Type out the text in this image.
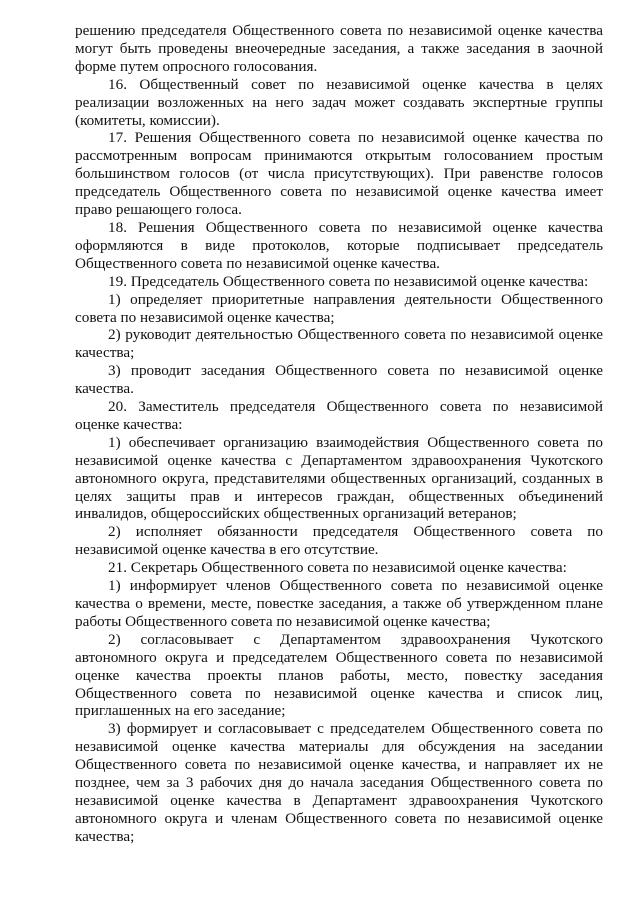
решению председателя Общественного совета по независимой оценке качества могут быть проведены внеочередные заседания, а также заседания в заочной форме путем опросного голосования.

16. Общественный совет по независимой оценке качества в целях реализации возложенных на него задач может создавать экспертные группы (комитеты, комиссии).

17. Решения Общественного совета по независимой оценке качества по рассмотренным вопросам принимаются открытым голосованием простым большинством голосов (от числа присутствующих). При равенстве голосов председатель Общественного совета по независимой оценке качества имеет право решающего голоса.

18. Решения Общественного совета по независимой оценке качества оформляются в виде протоколов, которые подписывает председатель Общественного совета по независимой оценке качества.

19. Председатель Общественного совета по независимой оценке качества:

1) определяет приоритетные направления деятельности Общественного совета по независимой оценке качества;

2) руководит деятельностью Общественного совета по независимой оценке качества;

3) проводит заседания Общественного совета по независимой оценке качества.

20. Заместитель председателя Общественного совета по независимой оценке качества:

1) обеспечивает организацию взаимодействия Общественного совета по независимой оценке качества с Департаментом здравоохранения Чукотского автономного округа, представителями общественных организаций, созданных в целях защиты прав и интересов граждан, общественных объединений инвалидов, общероссийских общественных организаций ветеранов;

2) исполняет обязанности председателя Общественного совета по независимой оценке качества в его отсутствие.

21. Секретарь Общественного совета по независимой оценке качества:

1) информирует членов Общественного совета по независимой оценке качества о времени, месте, повестке заседания, а также об утвержденном плане работы Общественного совета по независимой оценке качества;

2) согласовывает с Департаментом здравоохранения Чукотского автономного округа и председателем Общественного совета по независимой оценке качества проекты планов работы, место, повестку заседания Общественного совета по независимой оценке качества и список лиц, приглашенных на его заседание;

3) формирует и согласовывает с председателем Общественного совета по независимой оценке качества материалы для обсуждения на заседании Общественного совета по независимой оценке качества, и направляет их не позднее, чем за 3 рабочих дня до начала заседания Общественного совета по независимой оценке качества в Департамент здравоохранения Чукотского автономного округа и членам Общественного совета по независимой оценке качества;
